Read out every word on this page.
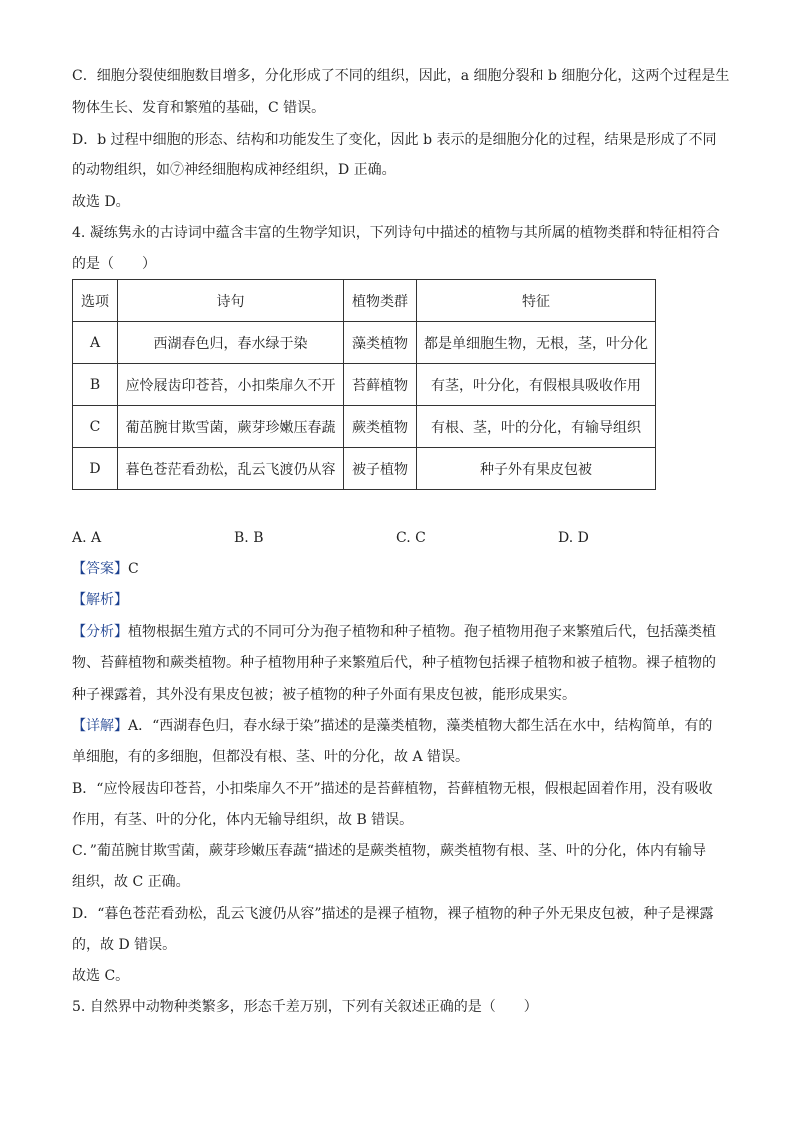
C．细胞分裂使细胞数目增多，分化形成了不同的组织，因此，a 细胞分裂和 b 细胞分化，这两个过程是生
物体生长、发育和繁殖的基础，C 错误。
D．b 过程中细胞的形态、结构和功能发生了变化，因此 b 表示的是细胞分化的过程，结果是形成了不同
的动物组织，如⑦神经细胞构成神经组织，D 正确。
故选 D。
4. 凝练隽永的古诗词中蕴含丰富的生物学知识，下列诗句中描述的植物与其所属的植物类群和特征相符合
的是（　　）
选项	诗句	植物类群	特征
A	西湖春色归，春水绿于染	藻类植物	都是单细胞生物，无根，茎，叶分化
B	应怜屐齿印苍苔，小扣柴扉久不开	苔藓植物	有茎，叶分化，有假根具吸收作用
C	葡茁腕甘欺雪菌，蕨芽珍嫩压春蔬	蕨类植物	有根、茎，叶的分化，有输导组织
D	暮色苍茫看劲松，乱云飞渡仍从容	被子植物	种子外有果皮包被
A. A	B. B	C. C	D. D
【答案】C
【解析】
【分析】植物根据生殖方式的不同可分为孢子植物和种子植物。孢子植物用孢子来繁殖后代，包括藻类植
物、苔藓植物和蕨类植物。种子植物用种子来繁殖后代，种子植物包括裸子植物和被子植物。裸子植物的
种子裸露着，其外没有果皮包被；被子植物的种子外面有果皮包被，能形成果实。
【详解】A．“西湖春色归，春水绿于染”描述的是藻类植物，藻类植物大都生活在水中，结构简单，有的
单细胞，有的多细胞，但都没有根、茎、叶的分化，故 A 错误。
B．“应怜屐齿印苍苔，小扣柴扉久不开”描述的是苔藓植物，苔藓植物无根，假根起固着作用，没有吸收
作用，有茎、叶的分化，体内无输导组织，故 B 错误。
C．”葡茁腕甘欺雪菌，蕨芽珍嫩压春蔬“描述的是蕨类植物，蕨类植物有根、茎、叶的分化，体内有输导
组织，故 C 正确。
D．“暮色苍茫看劲松，乱云飞渡仍从容”描述的是裸子植物，裸子植物的种子外无果皮包被，种子是裸露
的，故 D 错误。
故选 C。
5. 自然界中动物种类繁多，形态千差万别，下列有关叙述正确的是（　　）
